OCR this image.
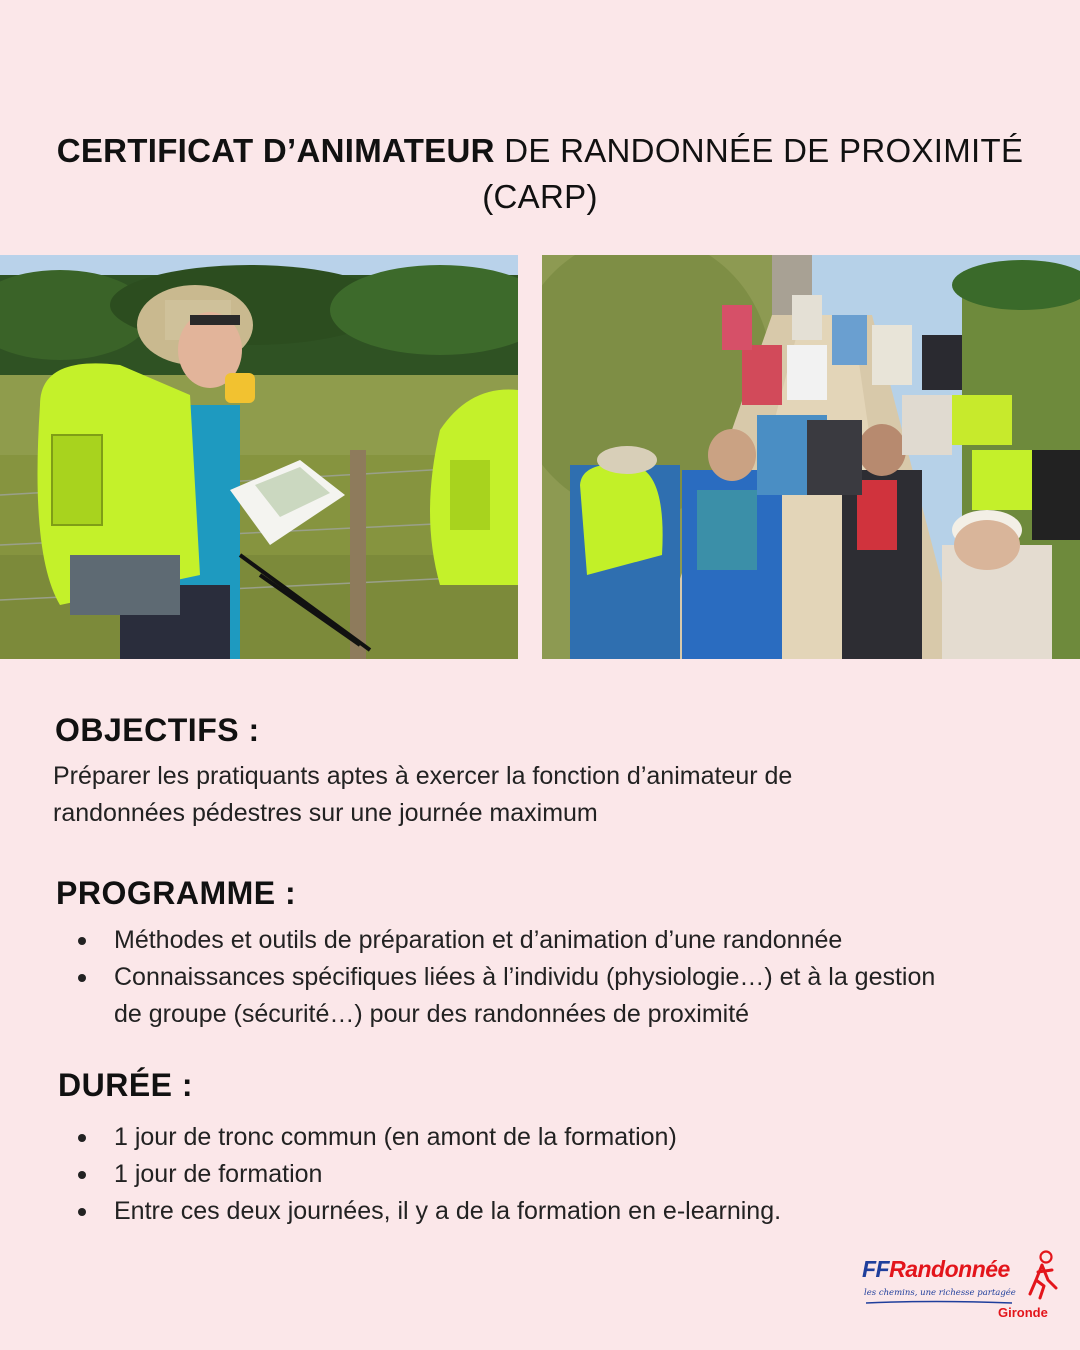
CERTIFICAT D’ANIMATEUR DE RANDONNÉE DE PROXIMITÉ
(CARP)
OBJECTIFS :
Préparer les pratiquants aptes à exercer la fonction d’animateur de
randonnées pédestres sur une journée maximum
PROGRAMME :
Méthodes et outils de préparation et d’animation d’une randonnée
Connaissances spécifiques liées à l’individu (physiologie…) et à la gestion
de groupe (sécurité…) pour des randonnées de proximité
DURÉE :
1 jour de tronc commun (en amont de la formation)
1 jour de formation
Entre ces deux journées, il y a de la formation en e-learning.
FFRandonnée
les chemins, une richesse partagée
Gironde
